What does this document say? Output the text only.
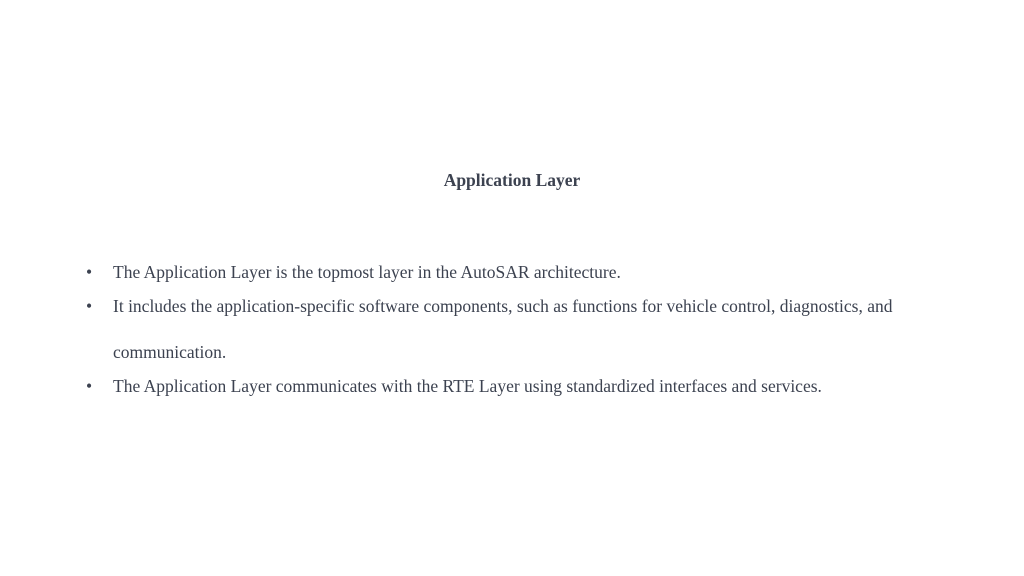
Application Layer
•	The Application Layer is the topmost layer in the AutoSAR architecture.
•	It includes the application-specific software components, such as functions for vehicle control, diagnostics, and communication.
•	The Application Layer communicates with the RTE Layer using standardized interfaces and services.
